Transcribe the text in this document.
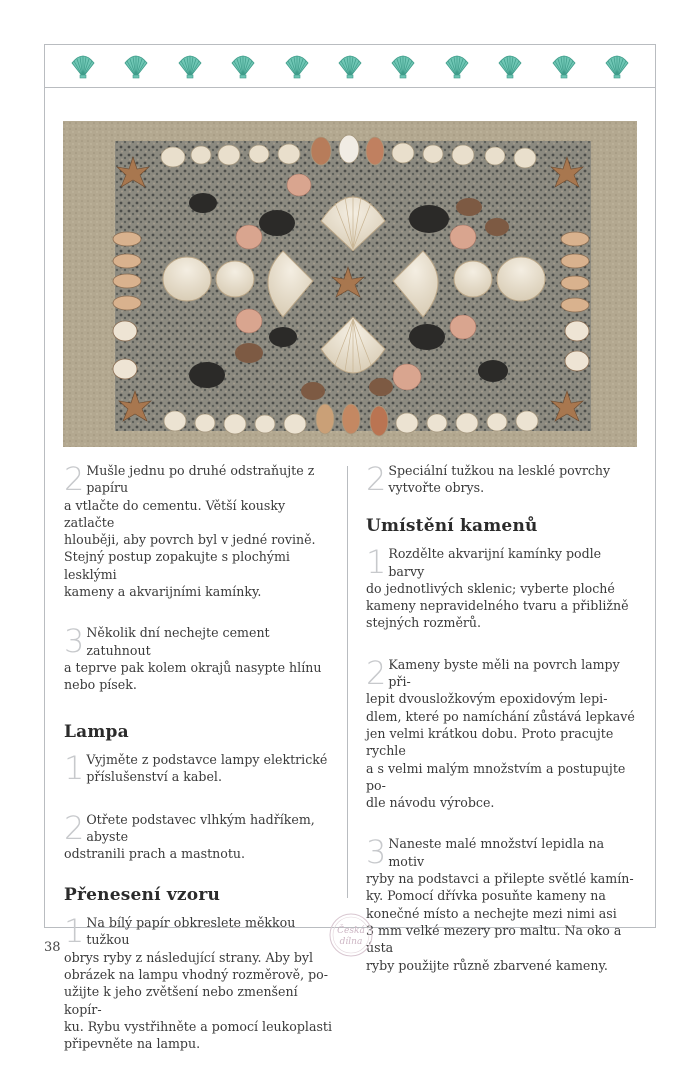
2 Mušle jednu po druhé odstraňujte z papíru
a vtlačte do cementu. Větší kousky zatlačte
hlouběji, aby povrch byl v jedné rovině.
Stejný postup zopakujte s plochými lesklými
kameny a akvarijními kamínky.
3 Několik dní nechejte cement zatuhnout
a teprve pak kolem okrajů nasypte hlínu
nebo písek.
Lampa
1 Vyjměte z podstavce lampy elektrické
příslušenství a kabel.
2 Otřete podstavec vlhkým hadříkem, abyste
odstranili prach a mastnotu.
Přenesení vzoru
1 Na bílý papír obkreslete měkkou tužkou
obrys ryby z následující strany. Aby byl
obrázek na lampu vhodný rozměrově, po-
užijte k jeho zvětšení nebo zmenšení kopír-
ku. Rybu vystřihněte a pomocí leukoplasti
připevněte na lampu.
2 Speciální tužkou na lesklé povrchy
vytvořte obrys.
Umístění kamenů
1 Rozdělte akvarijní kamínky podle barvy
do jednotlivých sklenic; vyberte ploché
kameny nepravidelného tvaru a přibližně
stejných rozměrů.
2 Kameny byste měli na povrch lampy při-
lepit dvousložkovým epoxidovým lepi-
dlem, které po namíchání zůstává lepkavé
jen velmi krátkou dobu. Proto pracujte rychle
a s velmi malým množstvím a postupujte po-
dle návodu výrobce.
3 Naneste malé množství lepidla na motiv
ryby na podstavci a přilepte světlé kamín-
ky. Pomocí dřívka posuňte kameny na
konečné místo a nechejte mezi nimi asi
3 mm velké mezery pro maltu. Na oko a ústa
ryby použijte různě zbarvené kameny.
38
Česká
dílna
